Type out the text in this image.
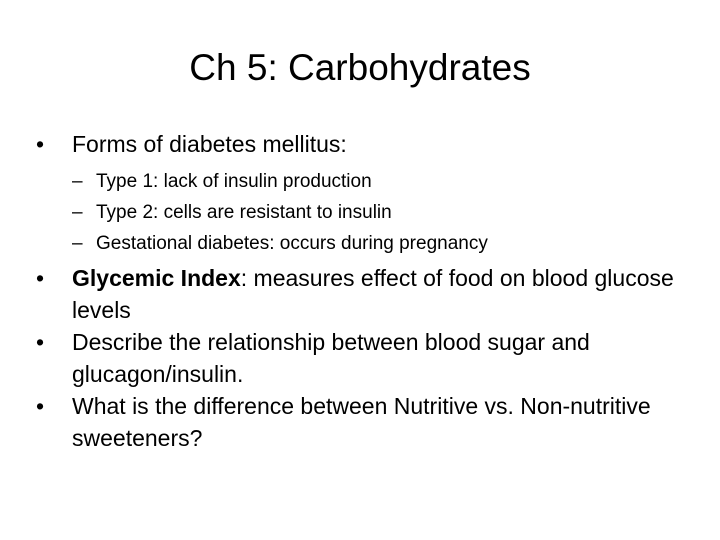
Ch 5: Carbohydrates

• Forms of diabetes mellitus:

– Type 1: lack of insulin production
– Type 2: cells are resistant to insulin
– Gestational diabetes: occurs during pregnancy

• Glycemic Index: measures effect of food on blood glucose levels

• Describe the relationship between blood sugar and glucagon/insulin.

• What is the difference between Nutritive vs. Non-nutritive sweeteners?
